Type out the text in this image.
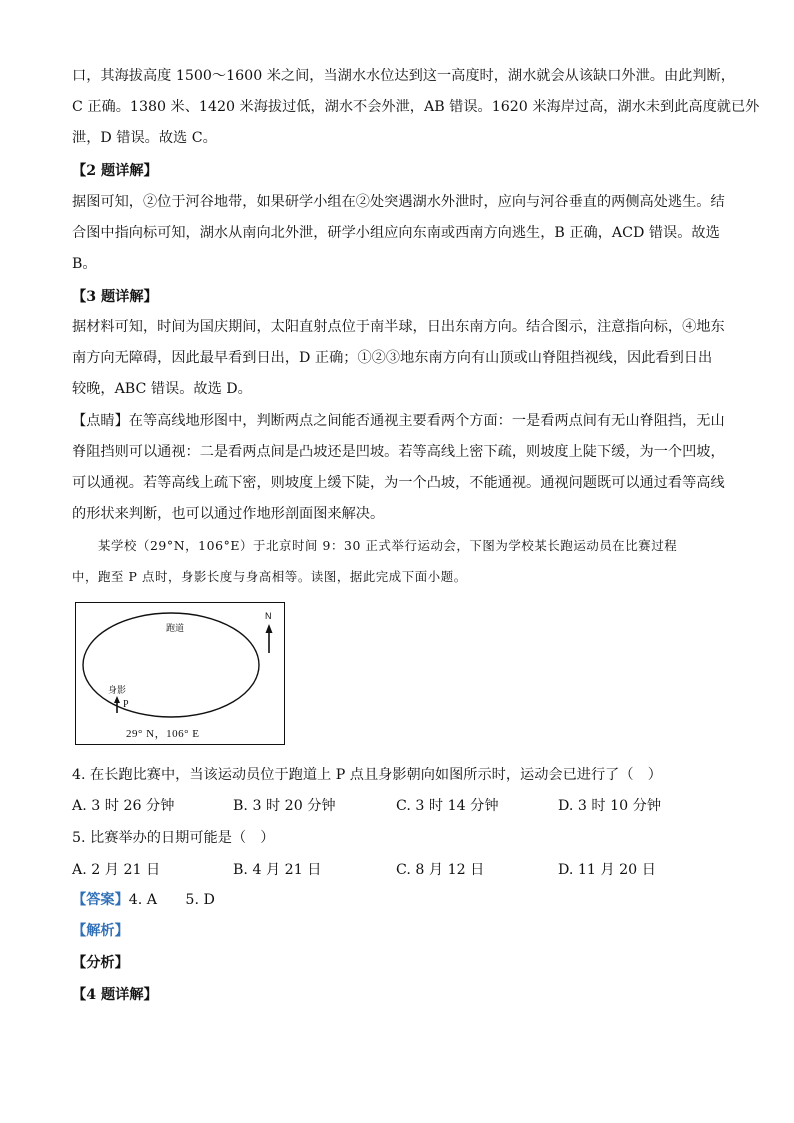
口，其海拔高度 1500～1600 米之间，当湖水水位达到这一高度时，湖水就会从该缺口外泄。由此判断，
C 正确。1380 米、1420 米海拔过低，湖水不会外泄，AB 错误。1620 米海岸过高，湖水未到此高度就已外
泄，D 错误。故选 C。
【2 题详解】
据图可知，②位于河谷地带，如果研学小组在②处突遇湖水外泄时，应向与河谷垂直的两侧高处逃生。结
合图中指向标可知，湖水从南向北外泄，研学小组应向东南或西南方向逃生，B 正确，ACD 错误。故选
B。
【3 题详解】
据材料可知，时间为国庆期间，太阳直射点位于南半球，日出东南方向。结合图示，注意指向标，④地东
南方向无障碍，因此最早看到日出，D 正确；①②③地东南方向有山顶或山脊阻挡视线，因此看到日出
较晚，ABC 错误。故选 D。
【点睛】在等高线地形图中，判断两点之间能否通视主要看两个方面：一是看两点间有无山脊阻挡，无山
脊阻挡则可以通视：二是看两点间是凸坡还是凹坡。若等高线上密下疏，则坡度上陡下缓，为一个凹坡，
可以通视。若等高线上疏下密，则坡度上缓下陡，为一个凸坡，不能通视。通视问题既可以通过看等高线
的形状来判断，也可以通过作地形剖面图来解决。
　　某学校（29°N，106°E）于北京时间 9：30 正式举行运动会，下图为学校某长跑运动员在比赛过程
中，跑至 P 点时，身影长度与身高相等。读图，据此完成下面小题。
跑道
N
身影
P
29° N，106° E
4. 在长跑比赛中，当该运动员位于跑道上 P 点且身影朝向如图所示时，运动会已进行了（　）
A. 3 时 26 分钟	B. 3 时 20 分钟	C. 3 时 14 分钟	D. 3 时 10 分钟
5. 比赛举办的日期可能是（　）
A. 2 月 21 日	B. 4 月 21 日	C. 8 月 12 日	D. 11 月 20 日
【答案】4. A　　5. D
【解析】
【分析】
【4 题详解】
